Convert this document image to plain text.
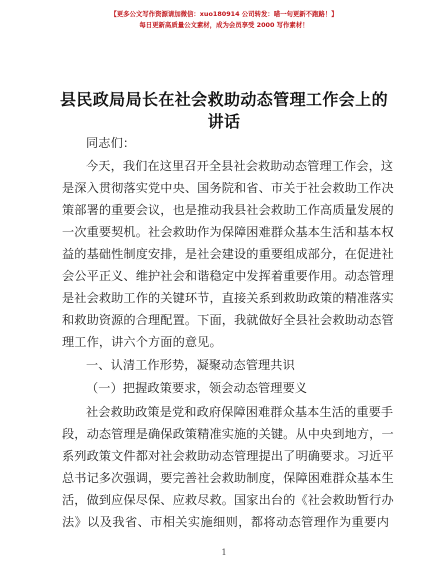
【更多公文写作资源请加微信：xuo180914 公司转发：喵一句更新不跑路！】
每日更新高质量公文素材，成为会员享受 2000 写作素材！
县民政局局长在社会救助动态管理工作会上的
讲话
同志们：
今天，我们在这里召开全县社会救助动态管理工作会，这
是深入贯彻落实党中央、国务院和省、市关于社会救助工作决
策部署的重要会议，也是推动我县社会救助工作高质量发展的
一次重要契机。社会救助作为保障困难群众基本生活和基本权
益的基础性制度安排，是社会建设的重要组成部分，在促进社
会公平正义、维护社会和谐稳定中发挥着重要作用。动态管理
是社会救助工作的关键环节，直接关系到救助政策的精准落实
和救助资源的合理配置。下面，我就做好全县社会救助动态管
理工作，讲六个方面的意见。
一、认清工作形势，凝聚动态管理共识
（一）把握政策要求，领会动态管理要义
社会救助政策是党和政府保障困难群众基本生活的重要手
段，动态管理是确保政策精准实施的关键。从中央到地方，一
系列政策文件都对社会救助动态管理提出了明确要求。习近平
总书记多次强调，要完善社会救助制度，保障困难群众基本生
活，做到应保尽保、应救尽救。国家出台的《社会救助暂行办
法》以及我省、市相关实施细则，都将动态管理作为重要内
1
